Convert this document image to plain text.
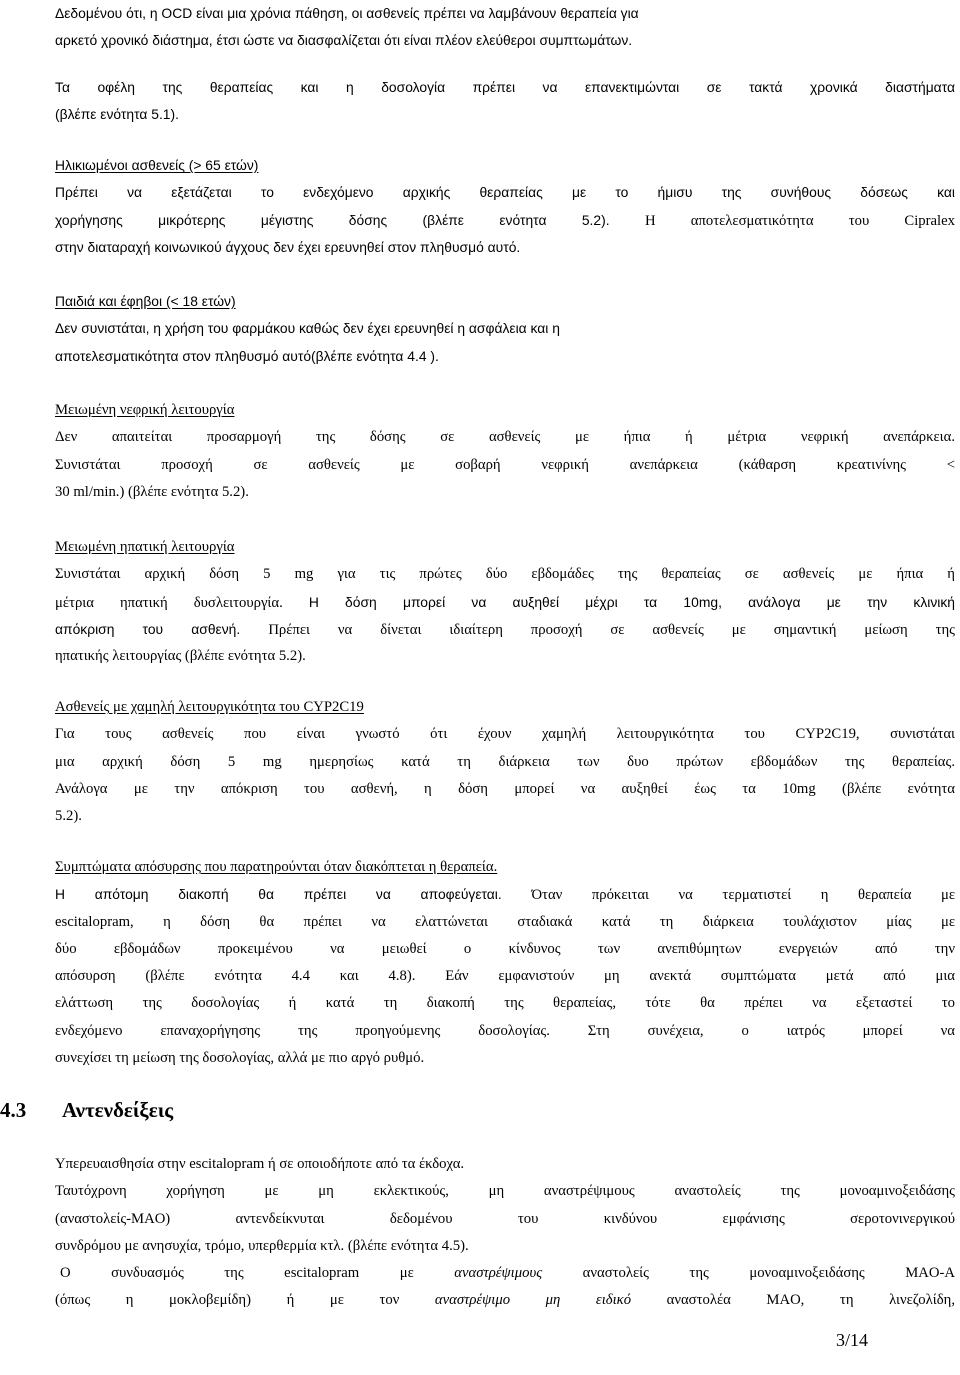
Δεδομένου ότι, η OCD είναι μια χρόνια πάθηση, οι ασθενείς πρέπει να λαμβάνουν θεραπεία για
αρκετό χρονικό διάστημα, έτσι ώστε να διασφαλίζεται ότι είναι πλέον ελεύθεροι συμπτωμάτων.
Τα οφέλη της θεραπείας και η δοσολογία πρέπει να επανεκτιμώνται σε τακτά χρονικά διαστήματα
(βλέπε ενότητα 5.1).
Ηλικιωμένοι ασθενείς (> 65 ετών)
Πρέπει να εξετάζεται το ενδεχόμενο αρχικής θεραπείας με το ήμισυ της συνήθους δόσεως και
χορήγησης μικρότερης μέγιστης δόσης (βλέπε ενότητα 5.2). Η αποτελεσματικότητα του Cipralex
στην διαταραχή κοινωνικού άγχους δεν έχει ερευνηθεί στον πληθυσμό αυτό.
Παιδιά και έφηβοι (< 18 ετών)
Δεν συνιστάται, η χρήση του φαρμάκου καθώς δεν έχει ερευνηθεί η ασφάλεια και η
αποτελεσματικότητα στον πληθυσμό αυτό(βλέπε ενότητα 4.4 ).
Μειωμένη νεφρική λειτουργία
Δεν απαιτείται προσαρμογή της δόσης σε ασθενείς με ήπια ή μέτρια νεφρική ανεπάρκεια.
Συνιστάται προσοχή σε ασθενείς με σοβαρή νεφρική ανεπάρκεια (κάθαρση κρεατινίνης <
30 ml/min.) (βλέπε ενότητα 5.2).
Μειωμένη ηπατική λειτουργία
Συνιστάται αρχική δόση 5 mg για τις πρώτες δύο εβδομάδες της θεραπείας σε ασθενείς με ήπια ή
μέτρια ηπατική δυσλειτουργία. Η δόση μπορεί να αυξηθεί μέχρι τα 10mg, ανάλογα με την κλινική
απόκριση του ασθενή. Πρέπει να δίνεται ιδιαίτερη προσοχή σε ασθενείς με σημαντική μείωση της
ηπατικής λειτουργίας (βλέπε ενότητα 5.2).
Ασθενείς με χαμηλή λειτουργικότητα του CYP2C19
Για τους ασθενείς που είναι γνωστό ότι έχουν χαμηλή λειτουργικότητα του CYP2C19, συνιστάται
μια αρχική δόση 5 mg ημερησίως κατά τη διάρκεια των δυο πρώτων εβδομάδων της θεραπείας.
Ανάλογα με την απόκριση του ασθενή, η δόση μπορεί να αυξηθεί έως τα 10mg (βλέπε ενότητα
5.2).
Συμπτώματα απόσυρσης που παρατηρούνται όταν διακόπτεται η θεραπεία.
Η απότομη διακοπή θα πρέπει να αποφεύγεται. Όταν πρόκειται να τερματιστεί η θεραπεία με
escitalopram, η δόση θα πρέπει να ελαττώνεται σταδιακά κατά τη διάρκεια τουλάχιστον μίας με
δύο εβδομάδων προκειμένου να μειωθεί ο κίνδυνος των ανεπιθύμητων ενεργειών από την
απόσυρση (βλέπε ενότητα 4.4 και 4.8). Εάν εμφανιστούν μη ανεκτά συμπτώματα μετά από μια
ελάττωση της δοσολογίας ή κατά τη διακοπή της θεραπείας, τότε θα πρέπει να εξεταστεί το
ενδεχόμενο επαναχορήγησης της προηγούμενης δοσολογίας. Στη συνέχεια, ο ιατρός μπορεί να
συνεχίσει τη μείωση της δοσολογίας, αλλά με πιο αργό ρυθμό.
4.3 Αντενδείξεις
Υπερευαισθησία στην escitalopram ή σε οποιοδήποτε από τα έκδοχα.
Ταυτόχρονη χορήγηση με μη εκλεκτικούς, μη αναστρέψιμους αναστολείς της μονοαμινοξειδάσης
(αναστολείς-MAO) αντενδείκνυται δεδομένου του κινδύνου εμφάνισης σεροτονινεργικού
συνδρόμου με ανησυχία, τρόμο, υπερθερμία κτλ. (βλέπε ενότητα 4.5).
Ο συνδυασμός της escitalopram με αναστρέψιμους αναστολείς της μονοαμινοξειδάσης MAO-A
(όπως η μοκλοβεμίδη) ή με τον αναστρέψιμο μη ειδικό αναστολέα MAO, τη λινεζολίδη,
3/14
